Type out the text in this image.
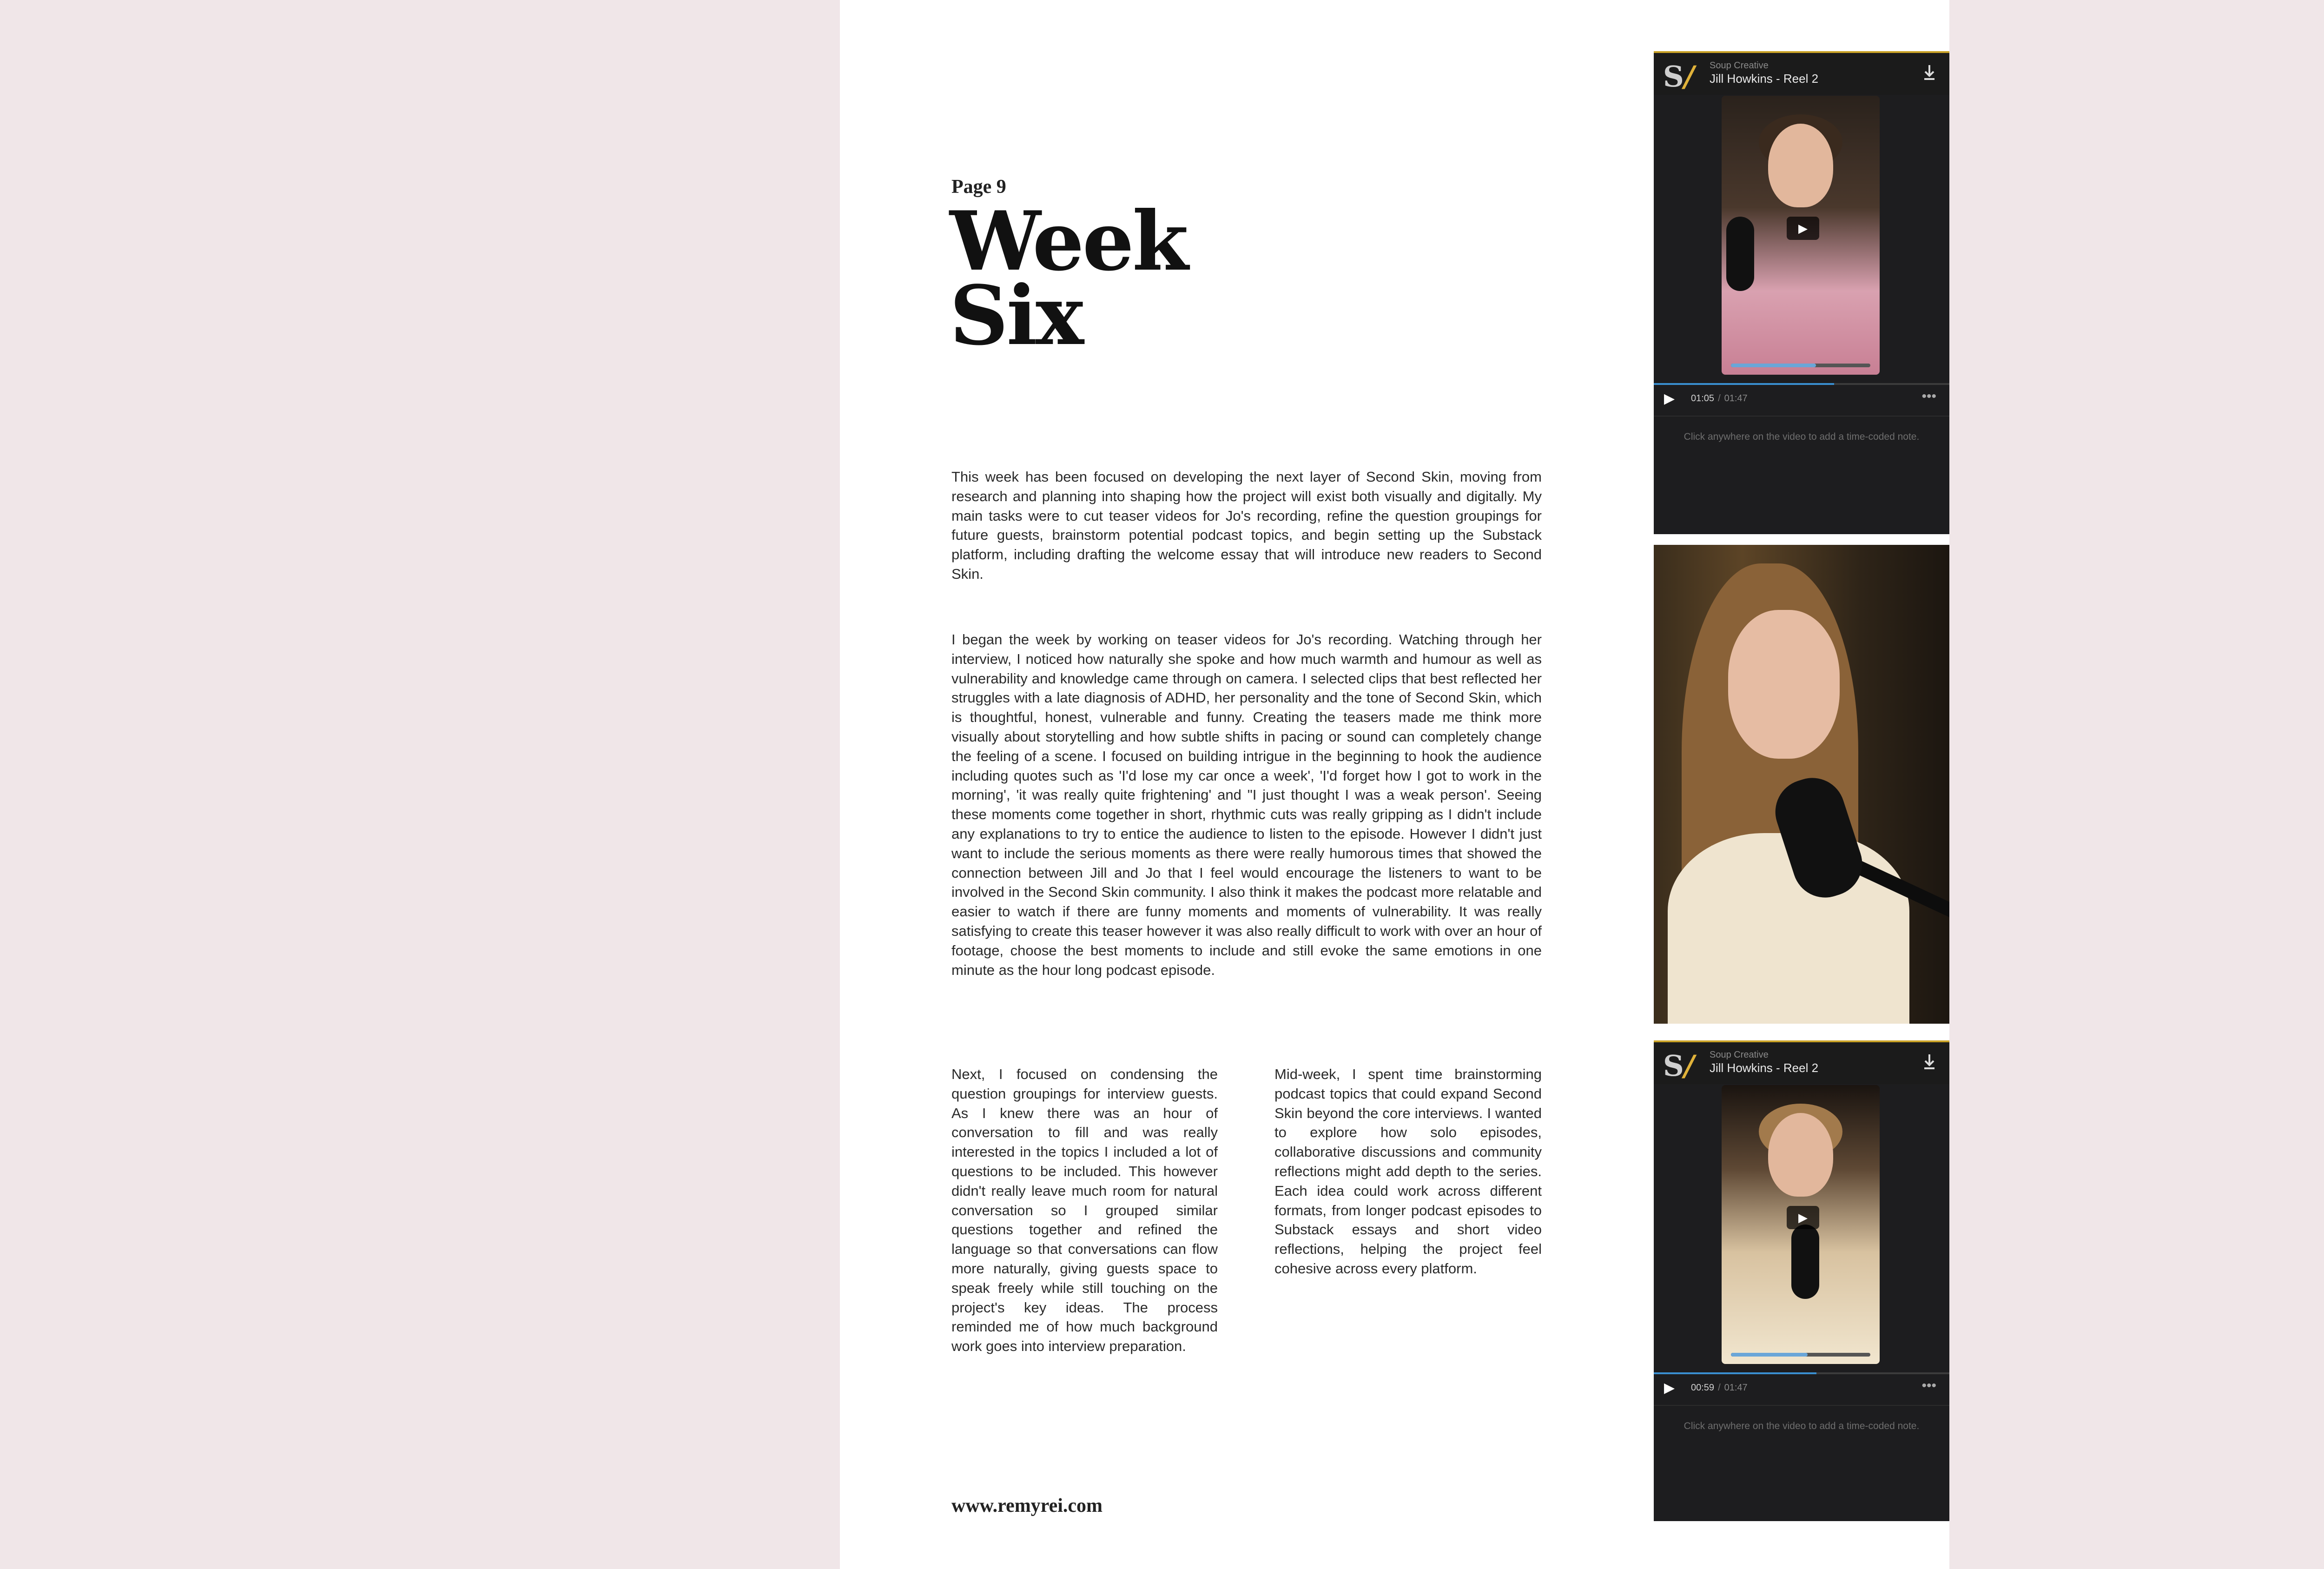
Page 9
Week
Six

This week has been focused on developing the next layer of Second Skin, moving from research and planning into shaping how the project will exist both visually and digitally. My main tasks were to cut teaser videos for Jo's recording, refine the question groupings for future guests, brainstorm potential podcast topics, and begin setting up the Substack platform, including drafting the welcome essay that will introduce new readers to Second Skin.

I began the week by working on teaser videos for Jo's recording. Watching through her interview, I noticed how naturally she spoke and how much warmth and humour as well as vulnerability and knowledge came through on camera. I selected clips that best reflected her struggles with a late diagnosis of ADHD, her personality and the tone of Second Skin, which is thoughtful, honest, vulnerable and funny. Creating the teasers made me think more visually about storytelling and how subtle shifts in pacing or sound can completely change the feeling of a scene. I focused on building intrigue in the beginning to hook the audience including quotes such as 'I'd lose my car once a week', 'I'd forget how I got to work in the morning', 'it was really quite frightening' and "I just thought I was a weak person'. Seeing these moments come together in short, rhythmic cuts was really gripping as I didn't include any explanations to try to entice the audience to listen to the episode. However I didn't just want to include the serious moments as there were really humorous times that showed the connection between Jill and Jo that I feel would encourage the listeners to want to be involved in the Second Skin community. I also think it makes the podcast more relatable and easier to watch if there are funny moments and moments of vulnerability. It was really satisfying to create this teaser however it was also really difficult to work with over an hour of footage, choose the best moments to include and still evoke the same emotions in one minute as the hour long podcast episode.

Next, I focused on condensing the question groupings for interview guests. As I knew there was an hour of conversation to fill and was really interested in the topics I included a lot of questions to be included. This however didn't really leave much room for natural conversation so I grouped similar questions together and refined the language so that conversations can flow more naturally, giving guests space to speak freely while still touching on the project's key ideas. The process reminded me of how much background work goes into interview preparation.

Mid-week, I spent time brainstorming podcast topics that could expand Second Skin beyond the core interviews. I wanted to explore how solo episodes, collaborative discussions and community reflections might add depth to the series. Each idea could work across different formats, from longer podcast episodes to Substack essays and short video reflections, helping the project feel cohesive across every platform.

www.remyrei.com
S/ Soup Creative
Jill Howkins - Reel 2
▶
▶ 01:05 / 01:47	•••
Click anywhere on the video to add a time-coded note.
S/ Soup Creative
Jill Howkins - Reel 2
▶
▶ 00:59 / 01:47	•••
Click anywhere on the video to add a time-coded note.
